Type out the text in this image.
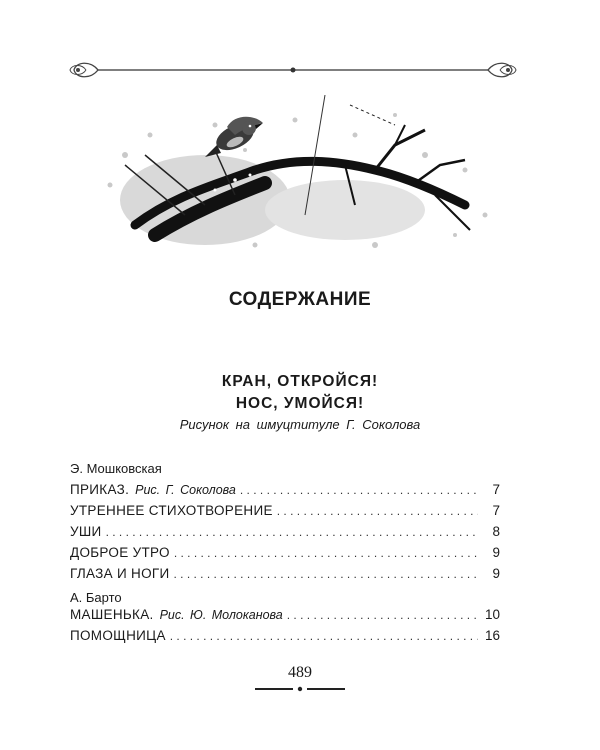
СОДЕРЖАНИЕ
КРАН, ОТКРОЙСЯ!
НОС, УМОЙСЯ!
Рисунок на шмуцтитуле Г. Соколова
Э. Мошковская
ПРИКАЗ. Рис. Г. Соколова . . .	7
УТРЕННЕЕ СТИХОТВОРЕНИЕ . . .	7
УШИ . . .	8
ДОБРОЕ УТРО . . .	9
ГЛАЗА И НОГИ . . .	9
А. Барто
МАШЕНЬКА. Рис. Ю. Молоканова . . .	10
ПОМОЩНИЦА . . .	16
489
